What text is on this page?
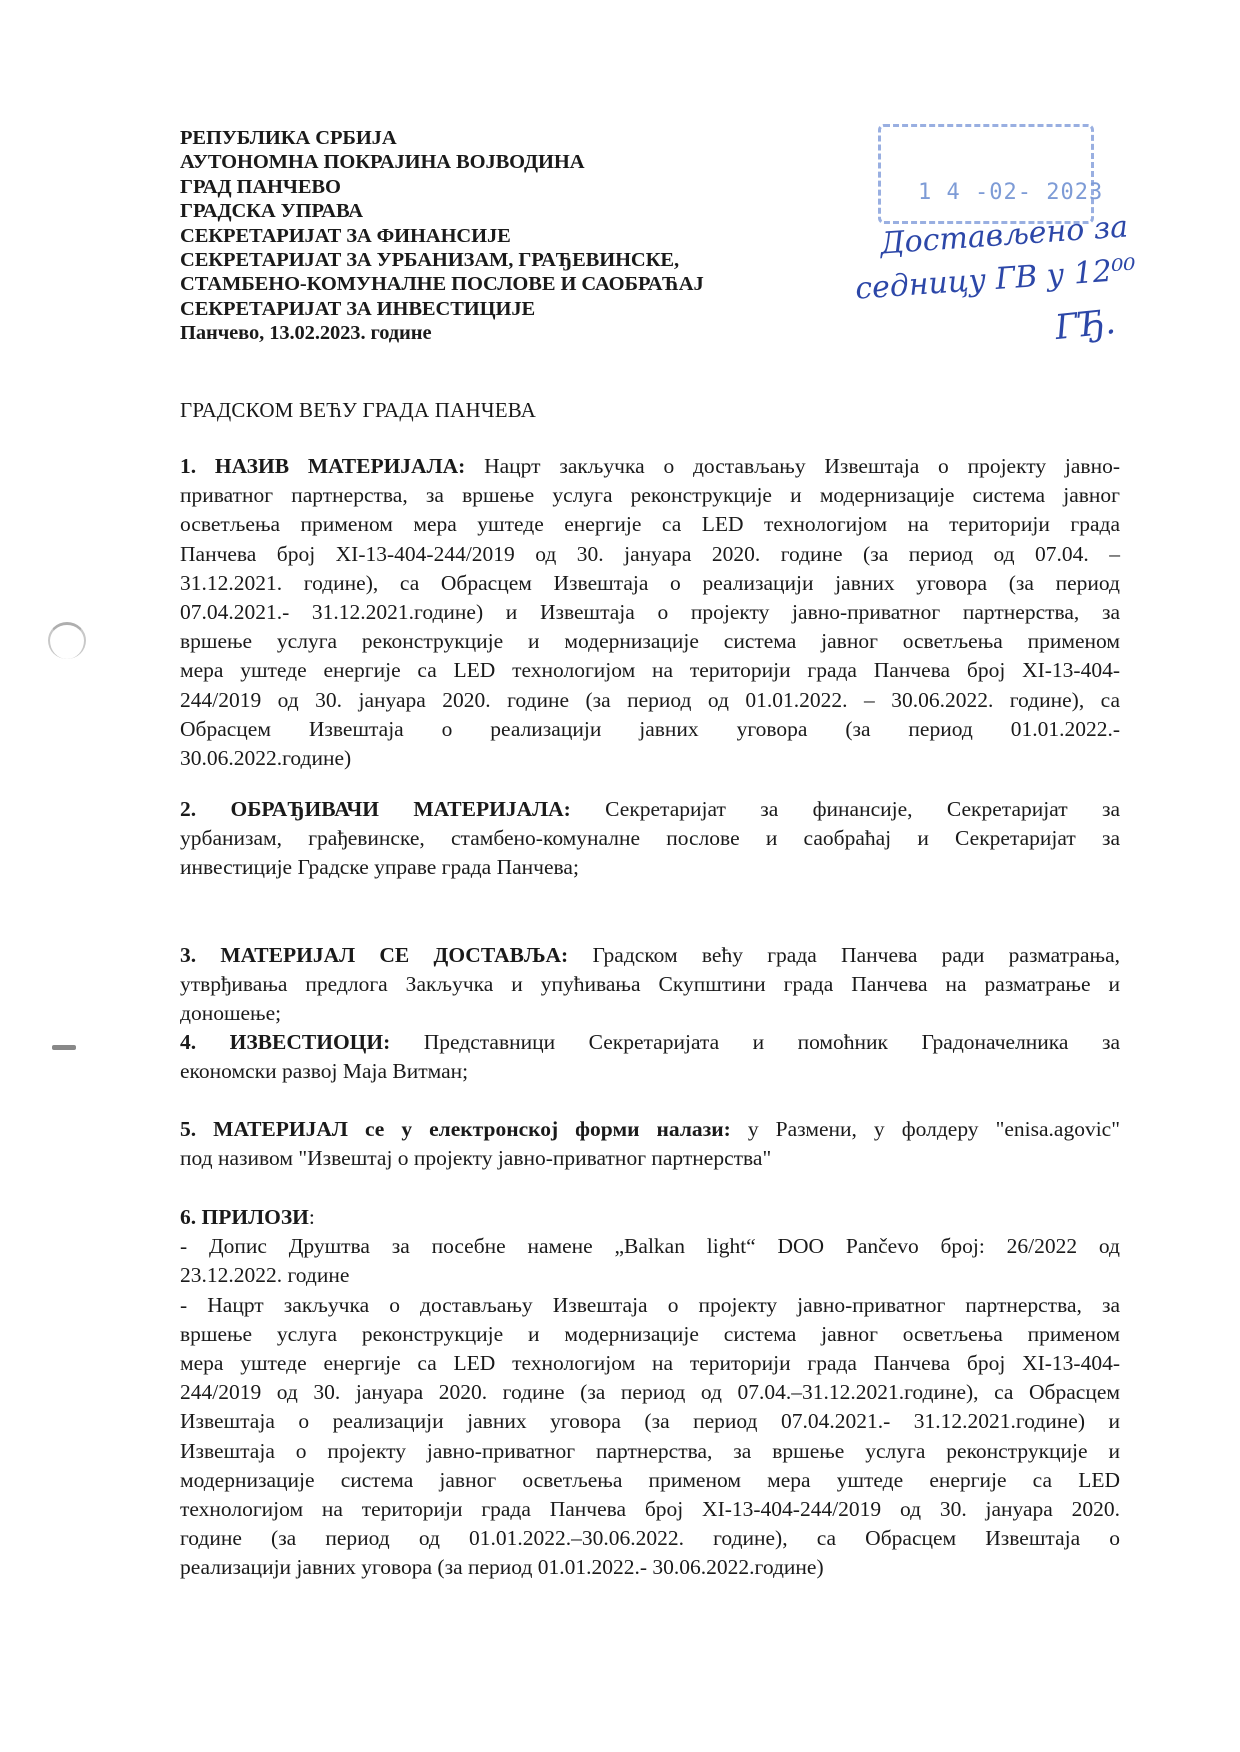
РЕПУБЛИКА СРБИЈА
АУТОНОМНА ПОКРАЈИНА ВОЈВОДИНА
ГРАД ПАНЧЕВО
ГРАДСКА УПРАВА
СЕКРЕТАРИЈАТ ЗА ФИНАНСИЈЕ
СЕКРЕТАРИЈАТ ЗА УРБАНИЗАМ, ГРАЂЕВИНСКЕ,
СТАМБЕНО-КОМУНАЛНЕ ПОСЛОВЕ И САОБРАЋАЈ
СЕКРЕТАРИЈАТ ЗА ИНВЕСТИЦИЈЕ
Панчево, 13.02.2023. године
1 4 -02- 2023
Достављено за
седницу ГВ у 12⁰⁰
ГЂ.
ГРАДСКОМ ВЕЋУ ГРАДА ПАНЧЕВА
1. НАЗИВ МАТЕРИЈАЛА: Нацрт закључка о достављању Извештаја о пројекту јавно-
приватног партнерства, за вршење услуга реконструкције и модернизације система јавног
осветљења применом мера уштеде енергије са LED технологијом на територији града
Панчева број XI-13-404-244/2019 од 30. јануара 2020. године (за период од 07.04. –
31.12.2021. године), са Обрасцем Извештаја о реализацији јавних уговора (за период
07.04.2021.- 31.12.2021.године) и Извештаја о пројекту јавно-приватног партнерства, за
вршење услуга реконструкције и модернизације система јавног осветљења применом
мера уштеде енергије са LED технологијом на територији града Панчева број XI-13-404-
244/2019 од 30. јануара 2020. године (за период од 01.01.2022. – 30.06.2022. године), са
Обрасцем Извештаја о реализацији јавних уговора (за период 01.01.2022.-
30.06.2022.године)
2. ОБРАЂИВАЧИ МАТЕРИЈАЛА: Секретаријат за финансије, Секретаријат за
урбанизам, грађевинске, стамбено-комуналне послове и саобраћај и Секретаријат за
инвестиције Градске управе града Панчева;
3. МАТЕРИЈАЛ СЕ ДОСТАВЉА: Градском већу града Панчева ради разматрања,
утврђивања предлога Закључка и упућивања Скупштини града Панчева на разматрање и
доношење;
4. ИЗВЕСТИОЦИ: Представници Секретаријата и помоћник Градоначелника за
економски развој Маја Витман;
5. МАТЕРИЈАЛ се у електронској форми налази: у Размени, у фолдеру "enisa.agovic"
под називом "Извештај о пројекту јавно-приватног партнерства"
6. ПРИЛОЗИ:
- Допис Друштва за посебне намене „Balkan light“ DOO Pančevo број: 26/2022 од
23.12.2022. године
- Нацрт закључка о достављању Извештаја о пројекту јавно-приватног партнерства, за
вршење услуга реконструкције и модернизације система јавног осветљења применом
мера уштеде енергије са LED технологијом на територији града Панчева број XI-13-404-
244/2019 од 30. јануара 2020. године (за период од 07.04.–31.12.2021.године), са Обрасцем
Извештаја о реализацији јавних уговора (за период 07.04.2021.- 31.12.2021.године) и
Извештаја о пројекту јавно-приватног партнерства, за вршење услуга реконструкције и
модернизације система јавног осветљења применом мера уштеде енергије са LED
технологијом на територији града Панчева број XI-13-404-244/2019 од 30. јануара 2020.
године (за период од 01.01.2022.–30.06.2022. године), са Обрасцем Извештаја о
реализацији јавних уговора (за период 01.01.2022.- 30.06.2022.године)
